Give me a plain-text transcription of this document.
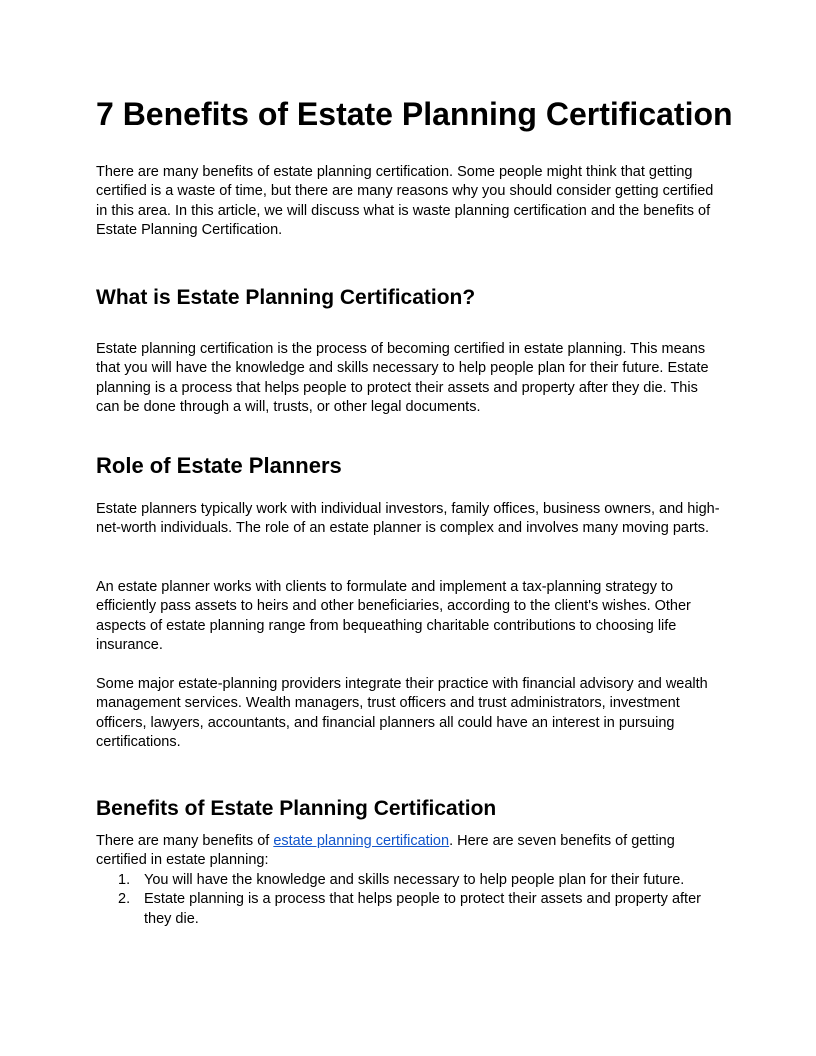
7 Benefits of Estate Planning Certification

There are many benefits of estate planning certification. Some people might think that getting certified is a waste of time, but there are many reasons why you should consider getting certified in this area. In this article, we will discuss what is waste planning certification and the benefits of Estate Planning Certification.

What is Estate Planning Certification?

Estate planning certification is the process of becoming certified in estate planning. This means that you will have the knowledge and skills necessary to help people plan for their future. Estate planning is a process that helps people to protect their assets and property after they die. This can be done through a will, trusts, or other legal documents.

Role of Estate Planners

Estate planners typically work with individual investors, family offices, business owners, and high-net-worth individuals. The role of an estate planner is complex and involves many moving parts.

An estate planner works with clients to formulate and implement a tax-planning strategy to efficiently pass assets to heirs and other beneficiaries, according to the client's wishes. Other aspects of estate planning range from bequeathing charitable contributions to choosing life insurance.

Some major estate-planning providers integrate their practice with financial advisory and wealth management services. Wealth managers, trust officers and trust administrators, investment officers, lawyers, accountants, and financial planners all could have an interest in pursuing certifications.

Benefits of Estate Planning Certification

There are many benefits of estate planning certification. Here are seven benefits of getting certified in estate planning:

1. You will have the knowledge and skills necessary to help people plan for their future.
2. Estate planning is a process that helps people to protect their assets and property after they die.
